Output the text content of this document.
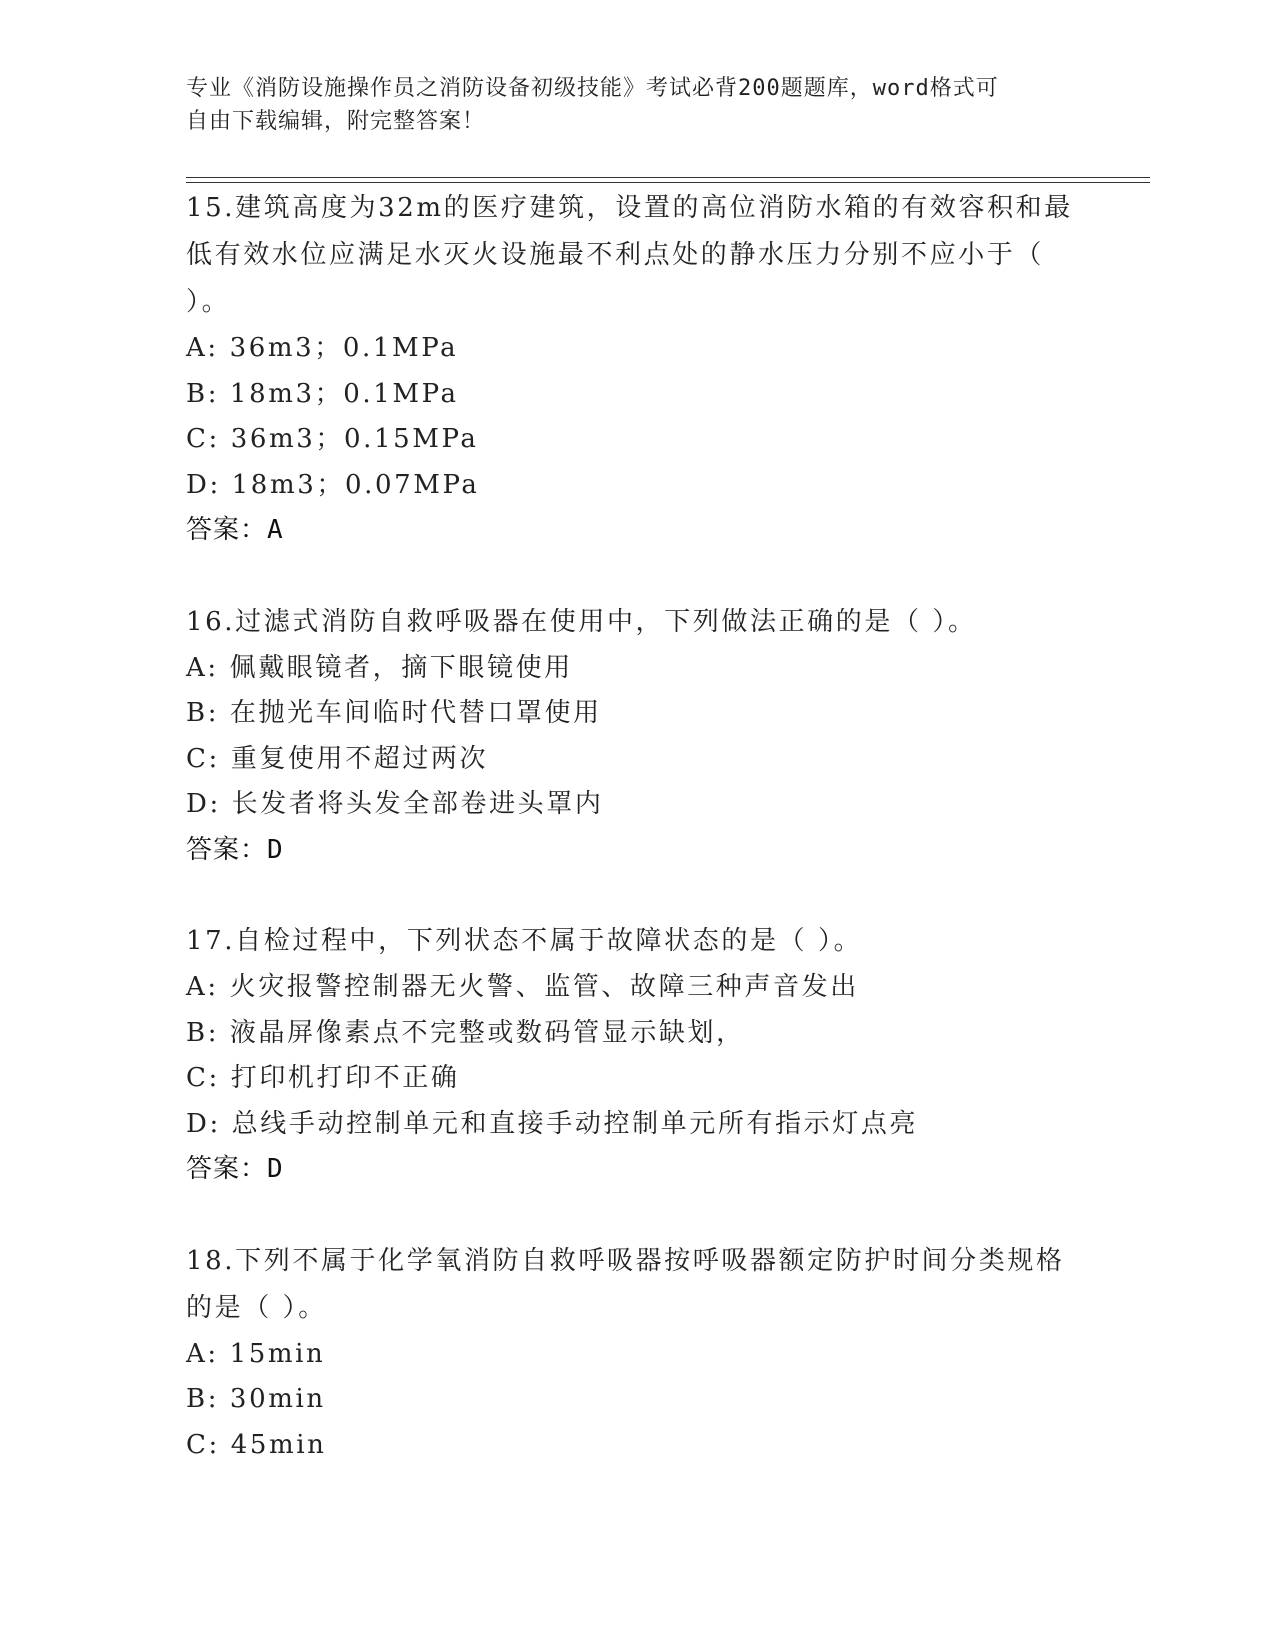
专业《消防设施操作员之消防设备初级技能》考试必背200题题库，word格式可
自由下载编辑，附完整答案！

15.建筑高度为32m的医疗建筑，设置的高位消防水箱的有效容积和最低有效水位应满足水灭火设施最不利点处的静水压力分别不应小于（ ）。

A: 36m3；0.1MPa

B: 18m3；0.1MPa

C: 36m3；0.15MPa

D: 18m3；0.07MPa

答案：A

16.过滤式消防自救呼吸器在使用中，下列做法正确的是（ ）。

A: 佩戴眼镜者，摘下眼镜使用

B: 在抛光车间临时代替口罩使用

C: 重复使用不超过两次

D: 长发者将头发全部卷进头罩内

答案：D

17.自检过程中，下列状态不属于故障状态的是（ ）。

A: 火灾报警控制器无火警、监管、故障三种声音发出

B: 液晶屏像素点不完整或数码管显示缺划，

C: 打印机打印不正确

D: 总线手动控制单元和直接手动控制单元所有指示灯点亮

答案：D

18.下列不属于化学氧消防自救呼吸器按呼吸器额定防护时间分类规格的是（ ）。

A: 15min

B: 30min

C: 45min
